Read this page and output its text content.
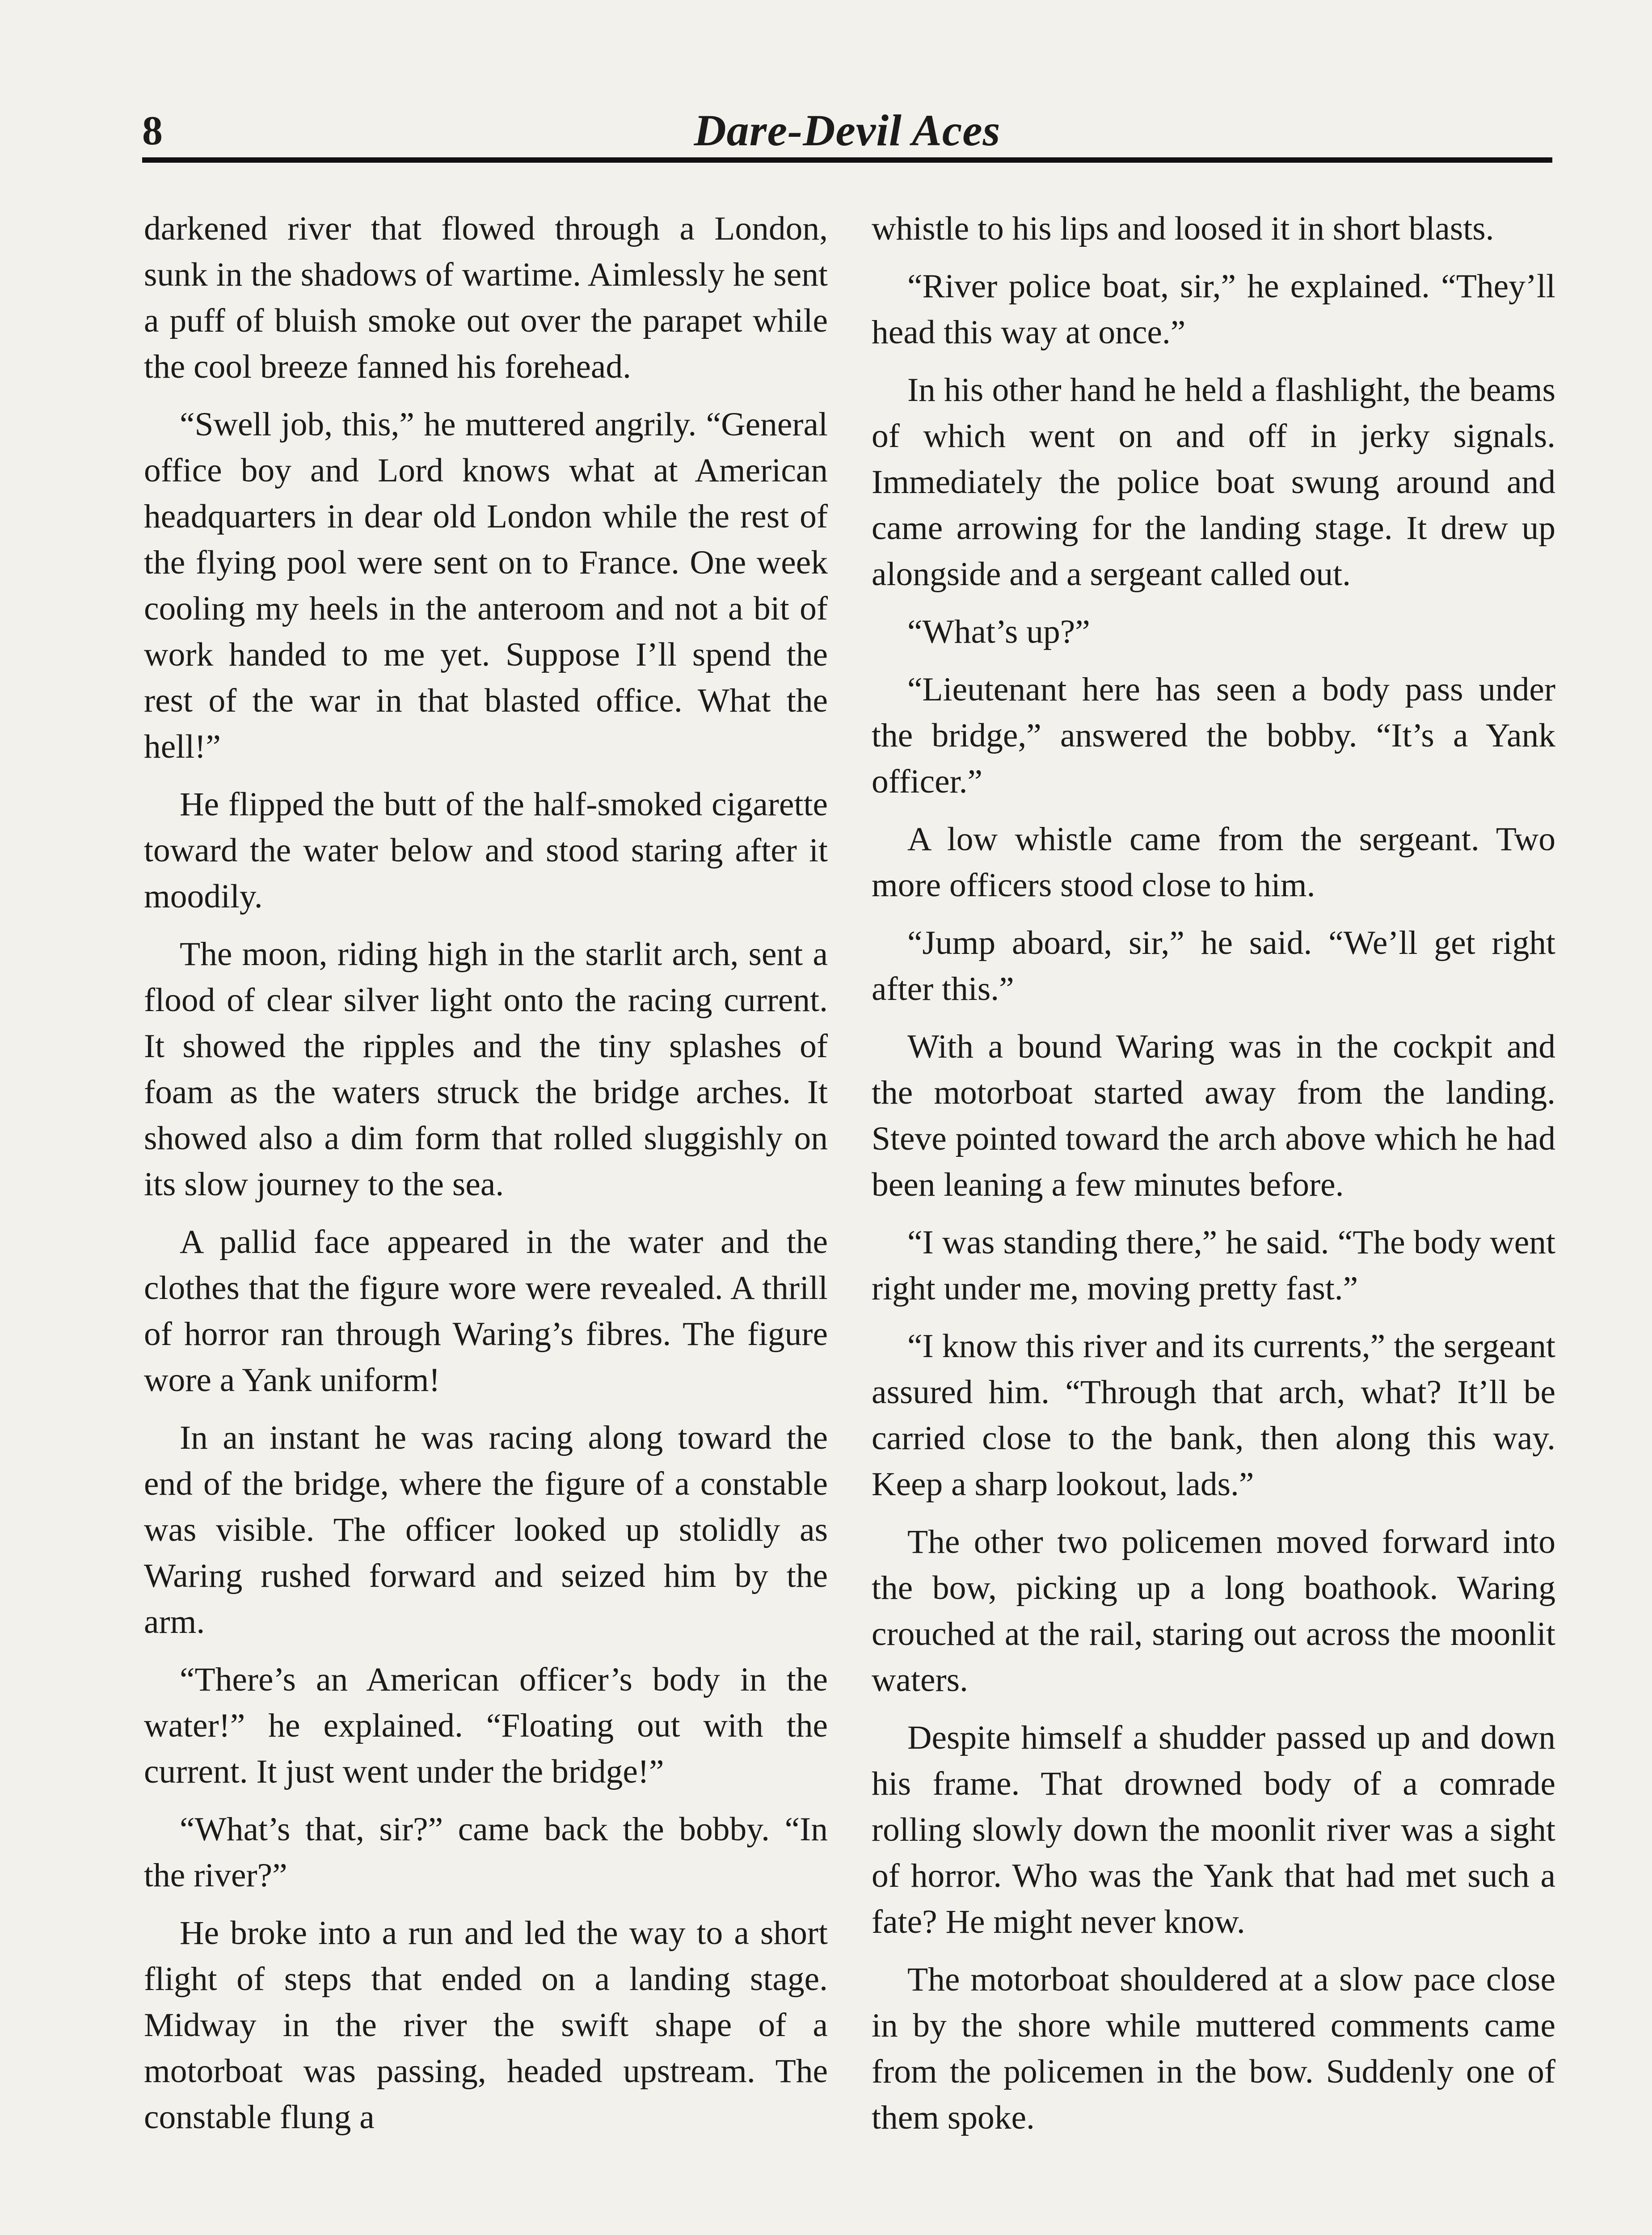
8	Dare-Devil Aces

darkened river that flowed through a London, sunk in the shadows of wartime. Aimlessly he sent a puff of bluish smoke out over the parapet while the cool breeze fanned his forehead.

“Swell job, this,” he muttered angrily. “General office boy and Lord knows what at American headquarters in dear old London while the rest of the flying pool were sent on to France. One week cooling my heels in the anteroom and not a bit of work handed to me yet. Suppose I’ll spend the rest of the war in that blasted office. What the hell!”

He flipped the butt of the half-smoked cigarette toward the water below and stood staring after it moodily.

The moon, riding high in the starlit arch, sent a flood of clear silver light onto the racing current. It showed the ripples and the tiny splashes of foam as the waters struck the bridge arches. It showed also a dim form that rolled sluggishly on its slow journey to the sea.

A pallid face appeared in the water and the clothes that the figure wore were revealed. A thrill of horror ran through Waring’s fibres. The figure wore a Yank uniform!

In an instant he was racing along toward the end of the bridge, where the figure of a constable was visible. The officer looked up stolidly as Waring rushed forward and seized him by the arm.

“There’s an American officer’s body in the water!” he explained. “Floating out with the current. It just went under the bridge!”

“What’s that, sir?” came back the bobby. “In the river?”

He broke into a run and led the way to a short flight of steps that ended on a landing stage. Midway in the river the swift shape of a motorboat was passing, headed upstream. The constable flung a

whistle to his lips and loosed it in short blasts.

“River police boat, sir,” he explained. “They’ll head this way at once.”

In his other hand he held a flashlight, the beams of which went on and off in jerky signals. Immediately the police boat swung around and came arrowing for the landing stage. It drew up alongside and a sergeant called out.

“What’s up?”

“Lieutenant here has seen a body pass under the bridge,” answered the bobby. “It’s a Yank officer.”

A low whistle came from the sergeant. Two more officers stood close to him.

“Jump aboard, sir,” he said. “We’ll get right after this.”

With a bound Waring was in the cockpit and the motorboat started away from the landing. Steve pointed toward the arch above which he had been leaning a few minutes before.

“I was standing there,” he said. “The body went right under me, moving pretty fast.”

“I know this river and its currents,” the sergeant assured him. “Through that arch, what? It’ll be carried close to the bank, then along this way. Keep a sharp lookout, lads.”

The other two policemen moved forward into the bow, picking up a long boathook. Waring crouched at the rail, staring out across the moonlit waters.

Despite himself a shudder passed up and down his frame. That drowned body of a comrade rolling slowly down the moonlit river was a sight of horror. Who was the Yank that had met such a fate? He might never know.

The motorboat shouldered at a slow pace close in by the shore while muttered comments came from the policemen in the bow. Suddenly one of them spoke.
